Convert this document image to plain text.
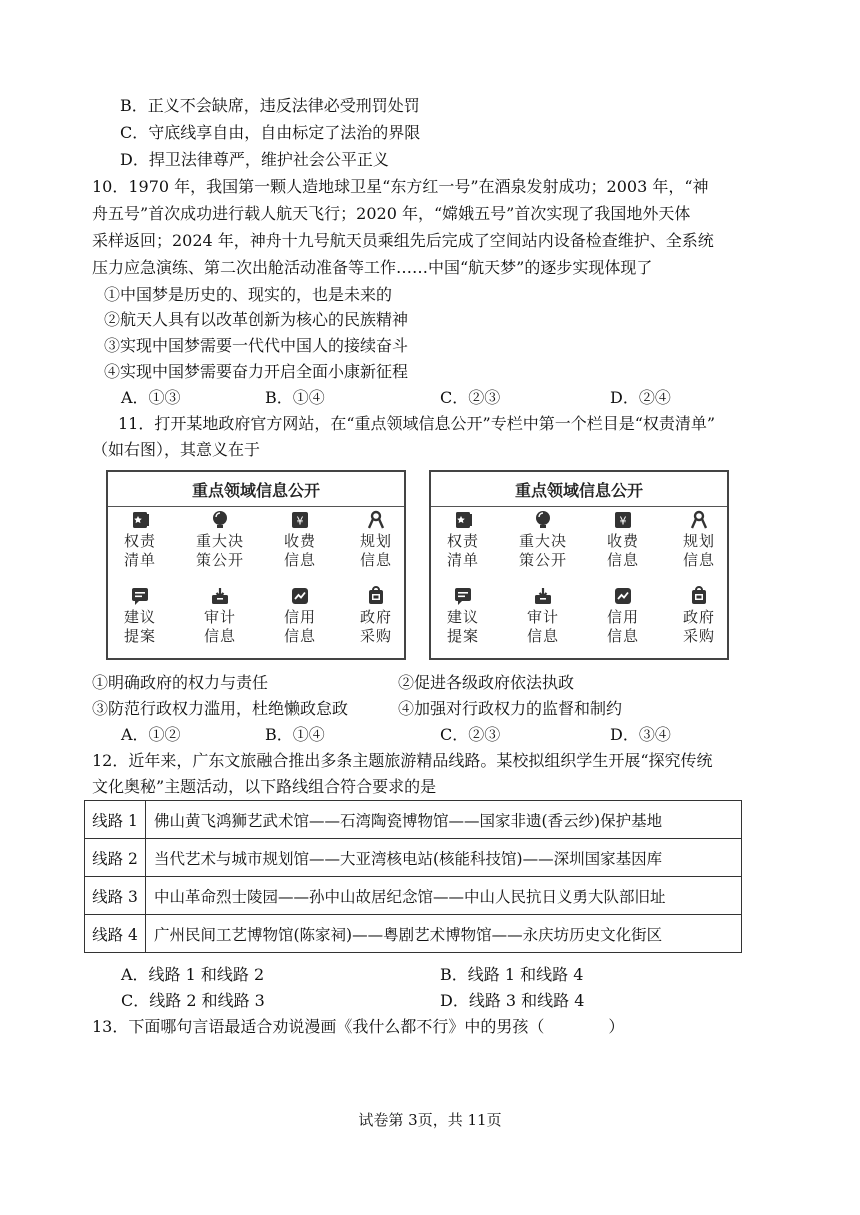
B．正义不会缺席，违反法律必受刑罚处罚
C．守底线享自由，自由标定了法治的界限
D．捍卫法律尊严，维护社会公平正义
10．1970 年，我国第一颗人造地球卫星“东方红一号”在酒泉发射成功；2003 年，“神
舟五号”首次成功进行载人航天飞行；2020 年，“嫦娥五号”首次实现了我国地外天体
采样返回；2024 年，神舟十九号航天员乘组先后完成了空间站内设备检查维护、全系统
压力应急演练、第二次出舱活动准备等工作……中国“航天梦”的逐步实现体现了
①中国梦是历史的、现实的，也是未来的
②航天人具有以改革创新为核心的民族精神
③实现中国梦需要一代代中国人的接续奋斗
④实现中国梦需要奋力开启全面小康新征程
A．①③	B．①④	C．②③	D．②④
11．打开某地政府官方网站，在“重点领域信息公开”专栏中第一个栏目是“权责清单”
（如右图），其意义在于
重点领域信息公开
权责
清单
重大决
策公开
¥
收费
信息
规划
信息
建议
提案
审计
信息
信用
信息
政府
采购
重点领域信息公开
权责
清单
重大决
策公开
¥
收费
信息
规划
信息
建议
提案
审计
信息
信用
信息
政府
采购
①明确政府的权力与责任	②促进各级政府依法执政
③防范行政权力滥用，杜绝懒政怠政	④加强对行政权力的监督和制约
A．①②	B．①④	C．②③	D．③④
12．近年来，广东文旅融合推出多条主题旅游精品线路。某校拟组织学生开展“探究传统
文化奥秘”主题活动，以下路线组合符合要求的是
线路 1	佛山黄飞鸿狮艺武术馆——石湾陶瓷博物馆——国家非遗(香云纱)保护基地
线路 2	当代艺术与城市规划馆——大亚湾核电站(核能科技馆)——深圳国家基因库
线路 3	中山革命烈士陵园——孙中山故居纪念馆——中山人民抗日义勇大队部旧址
线路 4	广州民间工艺博物馆(陈家祠)——粤剧艺术博物馆——永庆坊历史文化街区
A．线路 1 和线路 2	B．线路 1 和线路 4
C．线路 2 和线路 3	D．线路 3 和线路 4
13．下面哪句言语最适合劝说漫画《我什么都不行》中的男孩（　　　　）
试卷第 3页，共 11页
